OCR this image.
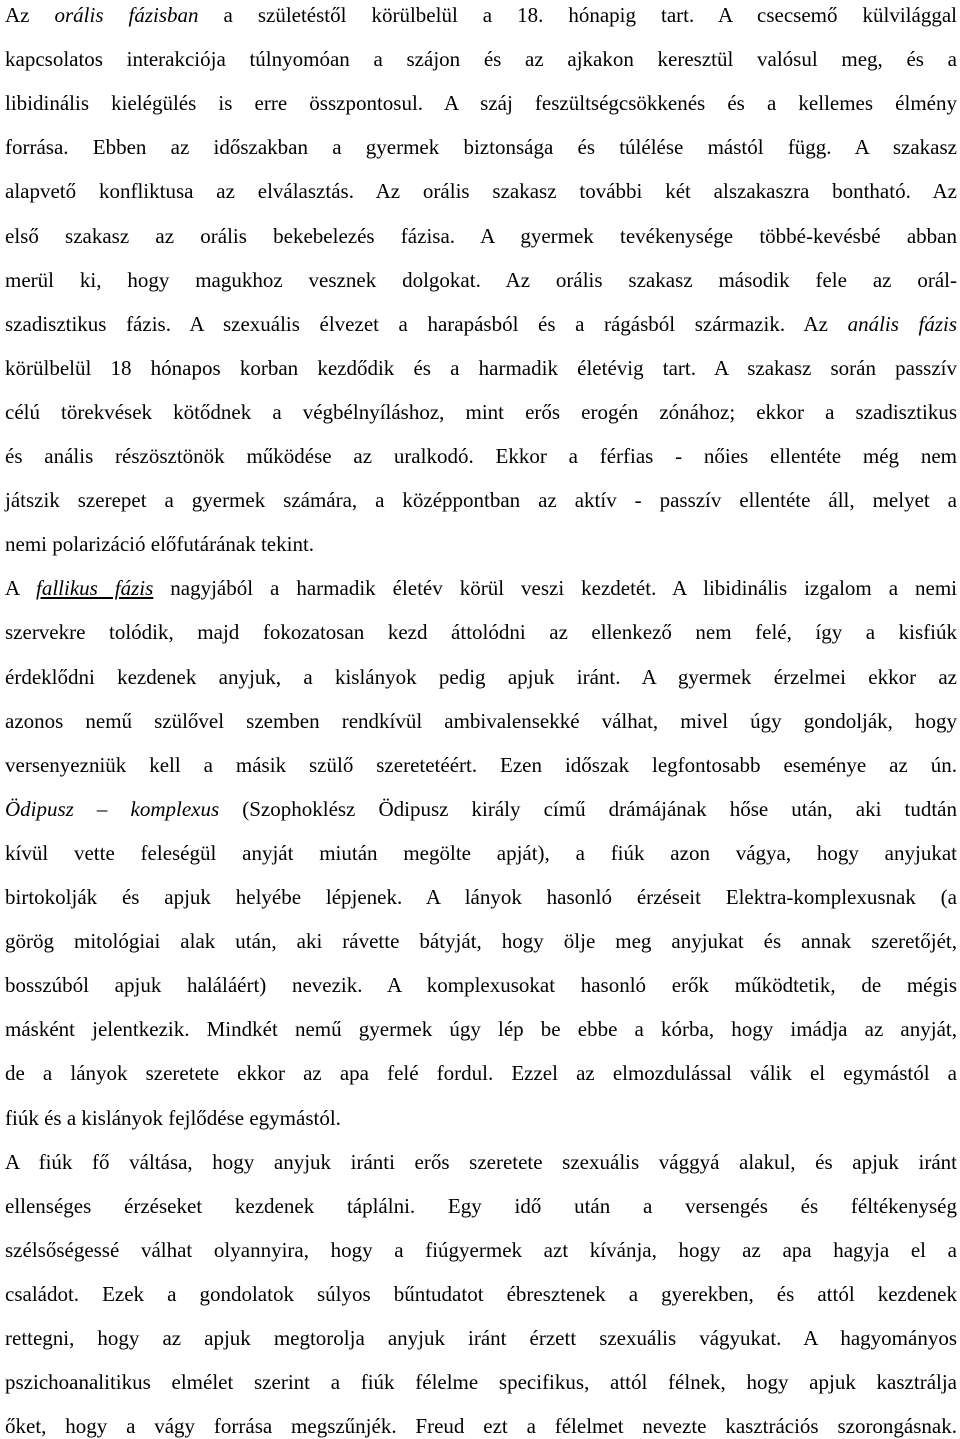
Az orális fázisban a születéstől körülbelül a 18. hónapig tart. A csecsemő külvilággal
kapcsolatos interakciója túlnyomóan a szájon és az ajkakon keresztül valósul meg, és a
libidinális kielégülés is erre összpontosul. A száj feszültségcsökkenés és a kellemes élmény
forrása. Ebben az időszakban a gyermek biztonsága és túlélése mástól függ. A szakasz
alapvető konfliktusa az elválasztás. Az orális szakasz további két alszakaszra bontható. Az
első szakasz az orális bekebelezés fázisa. A gyermek tevékenysége többé-kevésbé abban
merül ki, hogy magukhoz vesznek dolgokat. Az orális szakasz második fele az orál-
szadisztikus fázis. A szexuális élvezet a harapásból és a rágásból származik. Az anális fázis
körülbelül 18 hónapos korban kezdődik és a harmadik életévig tart. A szakasz során passzív
célú törekvések kötődnek a végbélnyíláshoz, mint erős erogén zónához; ekkor a szadisztikus
és anális részösztönök működése az uralkodó. Ekkor a férfias - nőies ellentéte még nem
játszik szerepet a gyermek számára, a középpontban az aktív - passzív ellentéte áll, melyet a
nemi polarizáció előfutárának tekint.
A fallikus fázis nagyjából a harmadik életév körül veszi kezdetét. A libidinális izgalom a nemi
szervekre tolódik, majd fokozatosan kezd áttolódni az ellenkező nem felé, így a kisfiúk
érdeklődni kezdenek anyjuk, a kislányok pedig apjuk iránt. A gyermek érzelmei ekkor az
azonos nemű szülővel szemben rendkívül ambivalensekké válhat, mivel úgy gondolják, hogy
versenyezniük kell a másik szülő szeretetéért. Ezen időszak legfontosabb eseménye az ún.
Ödipusz – komplexus (Szophoklész Ödipusz király című drámájának hőse után, aki tudtán
kívül vette feleségül anyját miután megölte apját), a fiúk azon vágya, hogy anyjukat
birtokolják és apjuk helyébe lépjenek. A lányok hasonló érzéseit Elektra-komplexusnak (a
görög mitológiai alak után, aki rávette bátyját, hogy ölje meg anyjukat és annak szeretőjét,
bosszúból apjuk haláláért) nevezik. A komplexusokat hasonló erők működtetik, de mégis
másként jelentkezik. Mindkét nemű gyermek úgy lép be ebbe a kórba, hogy imádja az anyját,
de a lányok szeretete ekkor az apa felé fordul. Ezzel az elmozdulással válik el egymástól a
fiúk és a kislányok fejlődése egymástól.
A fiúk fő váltása, hogy anyjuk iránti erős szeretete szexuális vággyá alakul, és apjuk iránt
ellenséges érzéseket kezdenek táplálni. Egy idő után a versengés és féltékenység
szélsőségessé válhat olyannyira, hogy a fiúgyermek azt kívánja, hogy az apa hagyja el a
családot. Ezek a gondolatok súlyos bűntudatot ébresztenek a gyerekben, és attól kezdenek
rettegni, hogy az apjuk megtorolja anyjuk iránt érzett szexuális vágyukat. A hagyományos
pszichoanalitikus elmélet szerint a fiúk félelme specifikus, attól félnek, hogy apjuk kasztrálja
őket, hogy a vágy forrása megszűnjék. Freud ezt a félelmet nevezte kasztrációs szorongásnak.
